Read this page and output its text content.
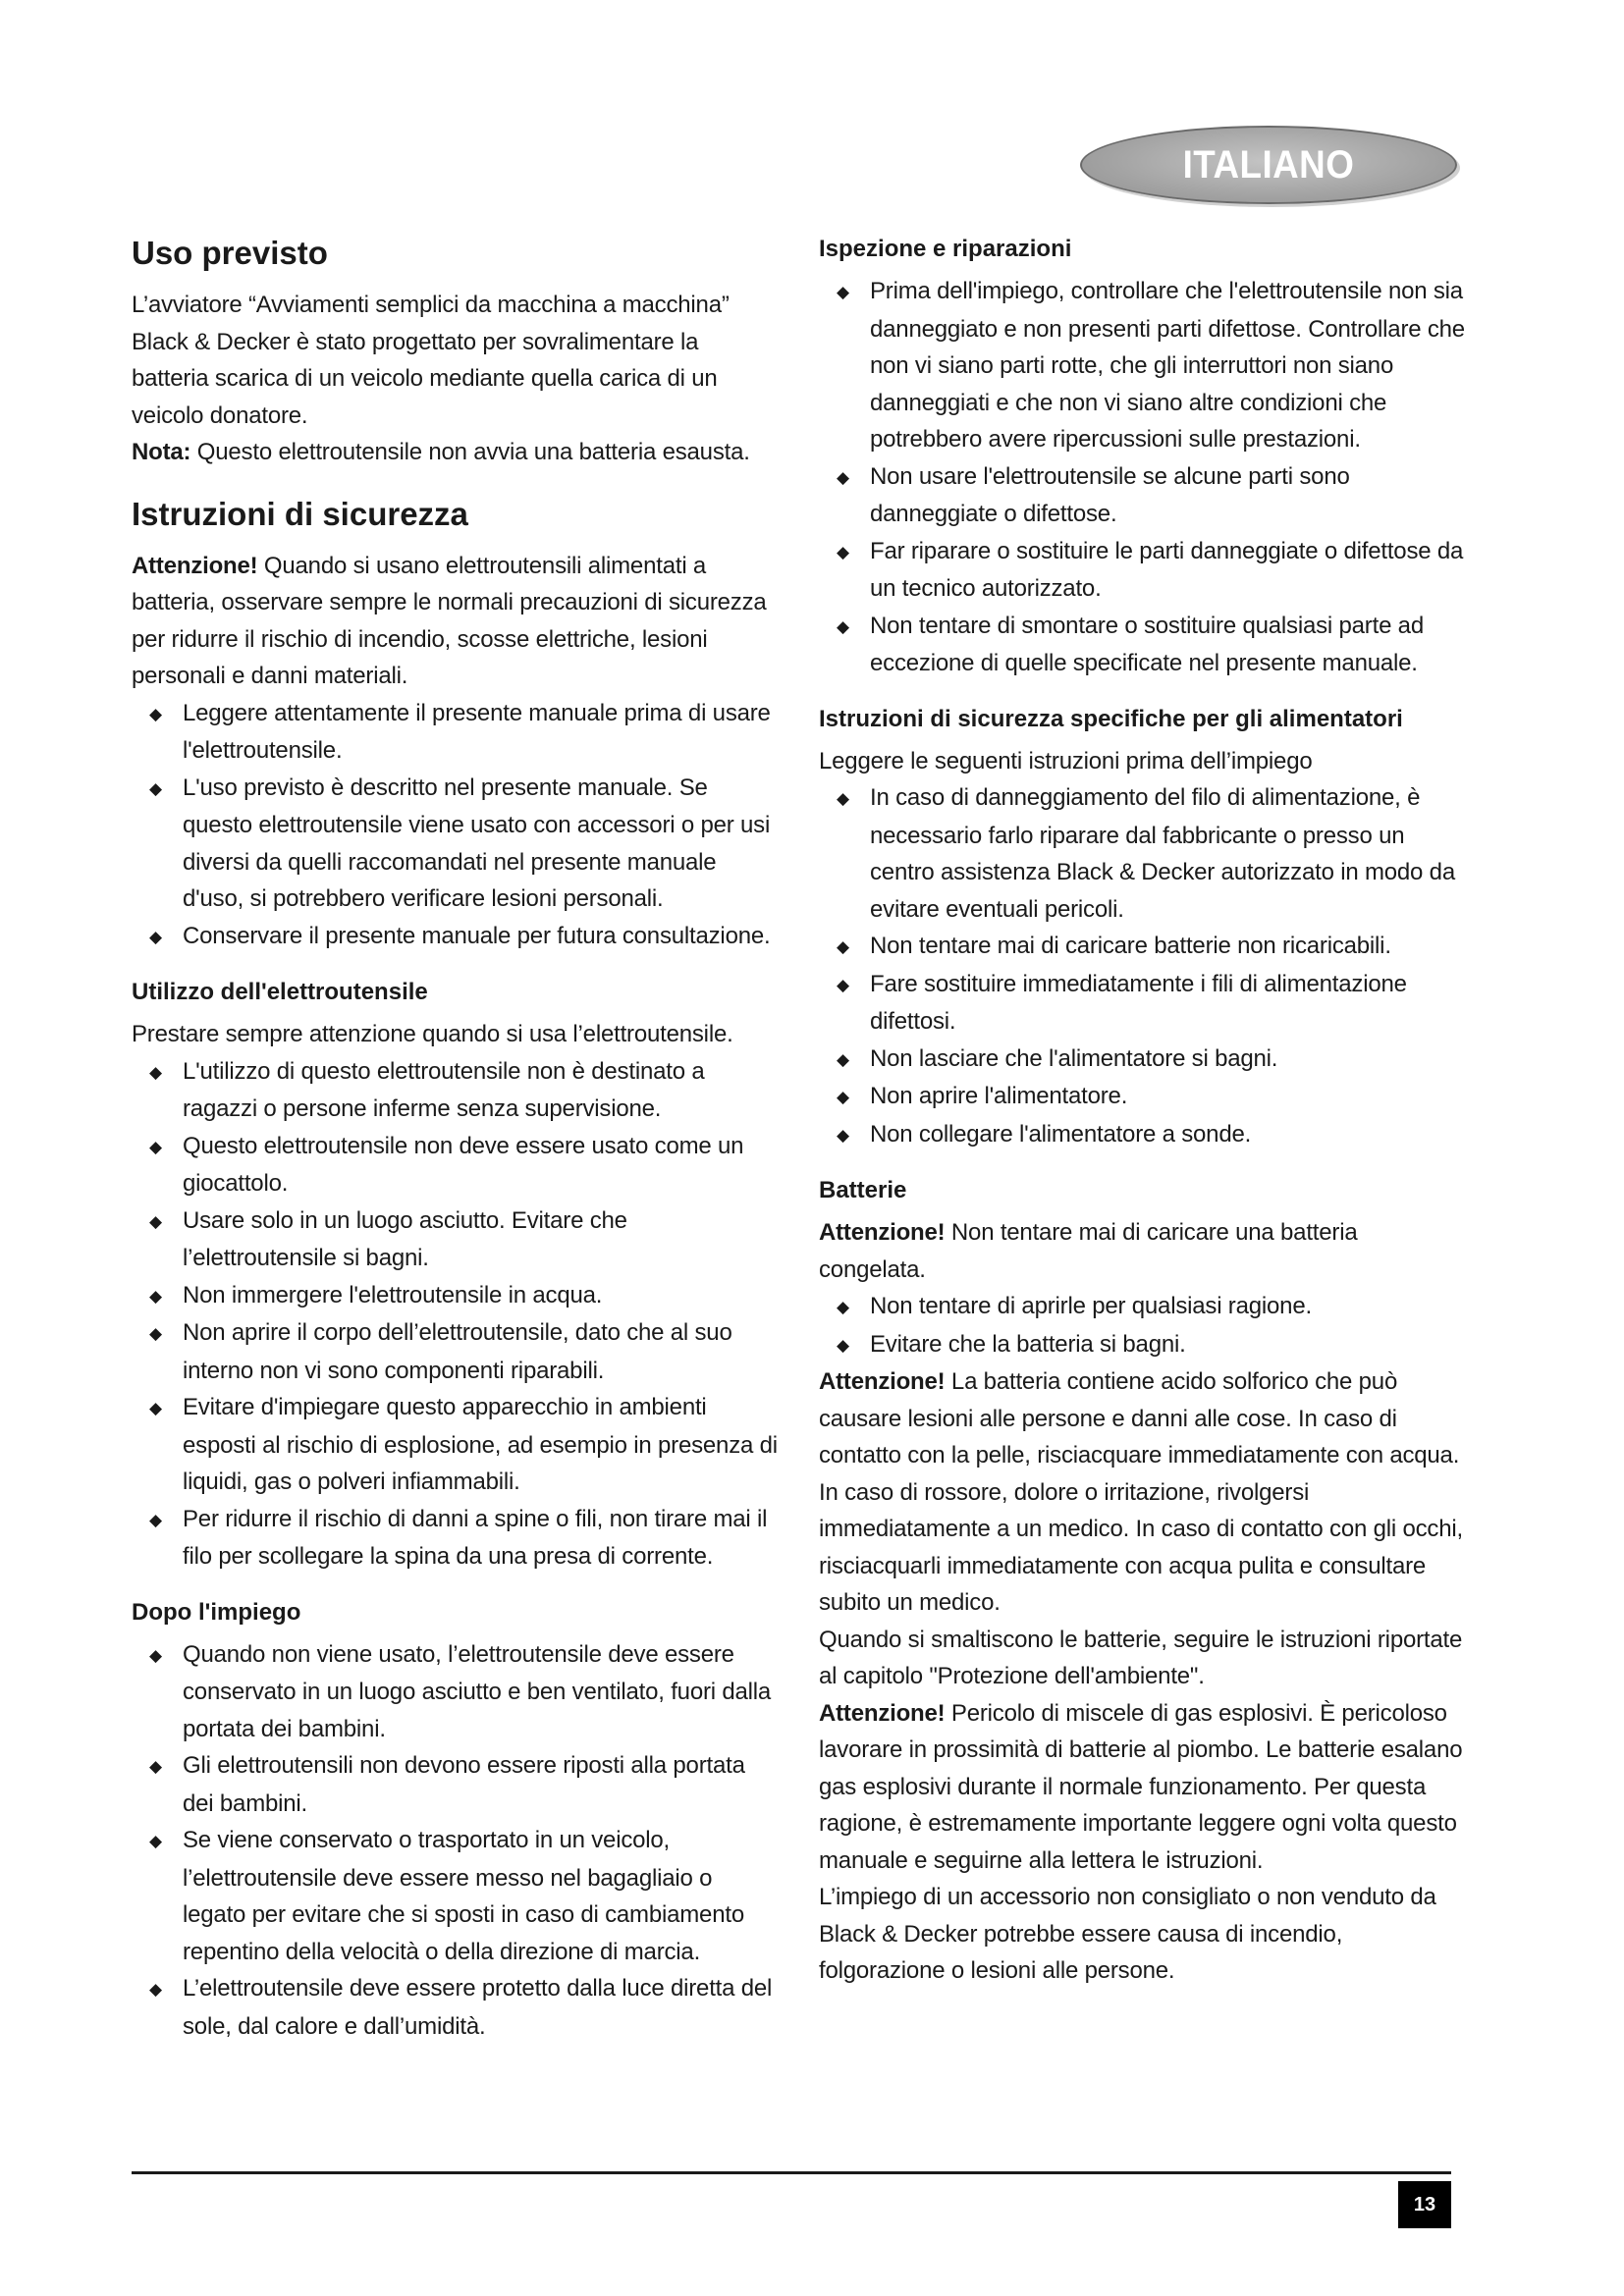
ITALIANO
Uso previsto

L’avviatore “Avviamenti semplici da macchina a macchina” Black & Decker è stato progettato per sovralimentare la batteria scarica di un veicolo mediante quella carica di un veicolo donatore.

Nota: Questo elettroutensile non avvia una batteria esausta.

Istruzioni di sicurezza

Attenzione! Quando si usano elettroutensili alimentati a batteria, osservare sempre le normali precauzioni di sicurezza per ridurre il rischio di incendio, scosse elettriche, lesioni personali e danni materiali.

◆ Leggere attentamente il presente manuale prima di usare l'elettroutensile.
◆ L'uso previsto è descritto nel presente manuale. Se questo elettroutensile viene usato con accessori o per usi diversi da quelli raccomandati nel presente manuale d'uso, si potrebbero verificare lesioni personali.
◆ Conservare il presente manuale per futura consultazione.
Utilizzo dell'elettroutensile

Prestare sempre attenzione quando si usa l’elettroutensile.

◆ L'utilizzo di questo elettroutensile non è destinato a ragazzi o persone inferme senza supervisione.
◆ Questo elettroutensile non deve essere usato come un giocattolo.
◆ Usare solo in un luogo asciutto. Evitare che l’elettroutensile si bagni.
◆ Non immergere l'elettroutensile in acqua.
◆ Non aprire il corpo dell’elettroutensile, dato che al suo interno non vi sono componenti riparabili.
◆ Evitare d'impiegare questo apparecchio in ambienti esposti al rischio di esplosione, ad esempio in presenza di liquidi, gas o polveri infiammabili.
◆ Per ridurre il rischio di danni a spine o fili, non tirare mai il filo per scollegare la spina da una presa di corrente.
Dopo l'impiego
◆ Quando non viene usato, l’elettroutensile deve essere conservato in un luogo asciutto e ben ventilato, fuori dalla portata dei bambini.
◆ Gli elettroutensili non devono essere riposti alla portata dei bambini.
◆ Se viene conservato o trasportato in un veicolo, l’elettroutensile deve essere messo nel bagagliaio o legato per evitare che si sposti in caso di cambiamento repentino della velocità o della direzione di marcia.
◆ L’elettroutensile deve essere protetto dalla luce diretta del sole, dal calore e dall’umidità.
Ispezione e riparazioni
◆ Prima dell'impiego, controllare che l'elettroutensile non sia danneggiato e non presenti parti difettose. Controllare che non vi siano parti rotte, che gli interruttori non siano danneggiati e che non vi siano altre condizioni che potrebbero avere ripercussioni sulle prestazioni.
◆ Non usare l'elettroutensile se alcune parti sono danneggiate o difettose.
◆ Far riparare o sostituire le parti danneggiate o difettose da un tecnico autorizzato.
◆ Non tentare di smontare o sostituire qualsiasi parte ad eccezione di quelle specificate nel presente manuale.
Istruzioni di sicurezza specifiche per gli alimentatori

Leggere le seguenti istruzioni prima dell’impiego

◆ In caso di danneggiamento del filo di alimentazione, è necessario farlo riparare dal fabbricante o presso un centro assistenza Black & Decker autorizzato in modo da evitare eventuali pericoli.
◆ Non tentare mai di caricare batterie non ricaricabili.
◆ Fare sostituire immediatamente i fili di alimentazione difettosi.
◆ Non lasciare che l'alimentatore si bagni.
◆ Non aprire l'alimentatore.
◆ Non collegare l'alimentatore a sonde.
Batterie

Attenzione! Non tentare mai di caricare una batteria congelata.

◆ Non tentare di aprirle per qualsiasi ragione.
◆ Evitare che la batteria si bagni.

Attenzione! La batteria contiene acido solforico che può causare lesioni alle persone e danni alle cose. In caso di contatto con la pelle, risciacquare immediatamente con acqua. In caso di rossore, dolore o irritazione, rivolgersi immediatamente a un medico. In caso di contatto con gli occhi, risciacquarli immediatamente con acqua pulita e consultare subito un medico.

Quando si smaltiscono le batterie, seguire le istruzioni riportate al capitolo "Protezione dell'ambiente".

Attenzione! Pericolo di miscele di gas esplosivi. È pericoloso lavorare in prossimità di batterie al piombo. Le batterie esalano gas esplosivi durante il normale funzionamento. Per questa ragione, è estremamente importante leggere ogni volta questo manuale e seguirne alla lettera le istruzioni.

L’impiego di un accessorio non consigliato o non venduto da Black & Decker potrebbe essere causa di incendio, folgorazione o lesioni alle persone.

13
